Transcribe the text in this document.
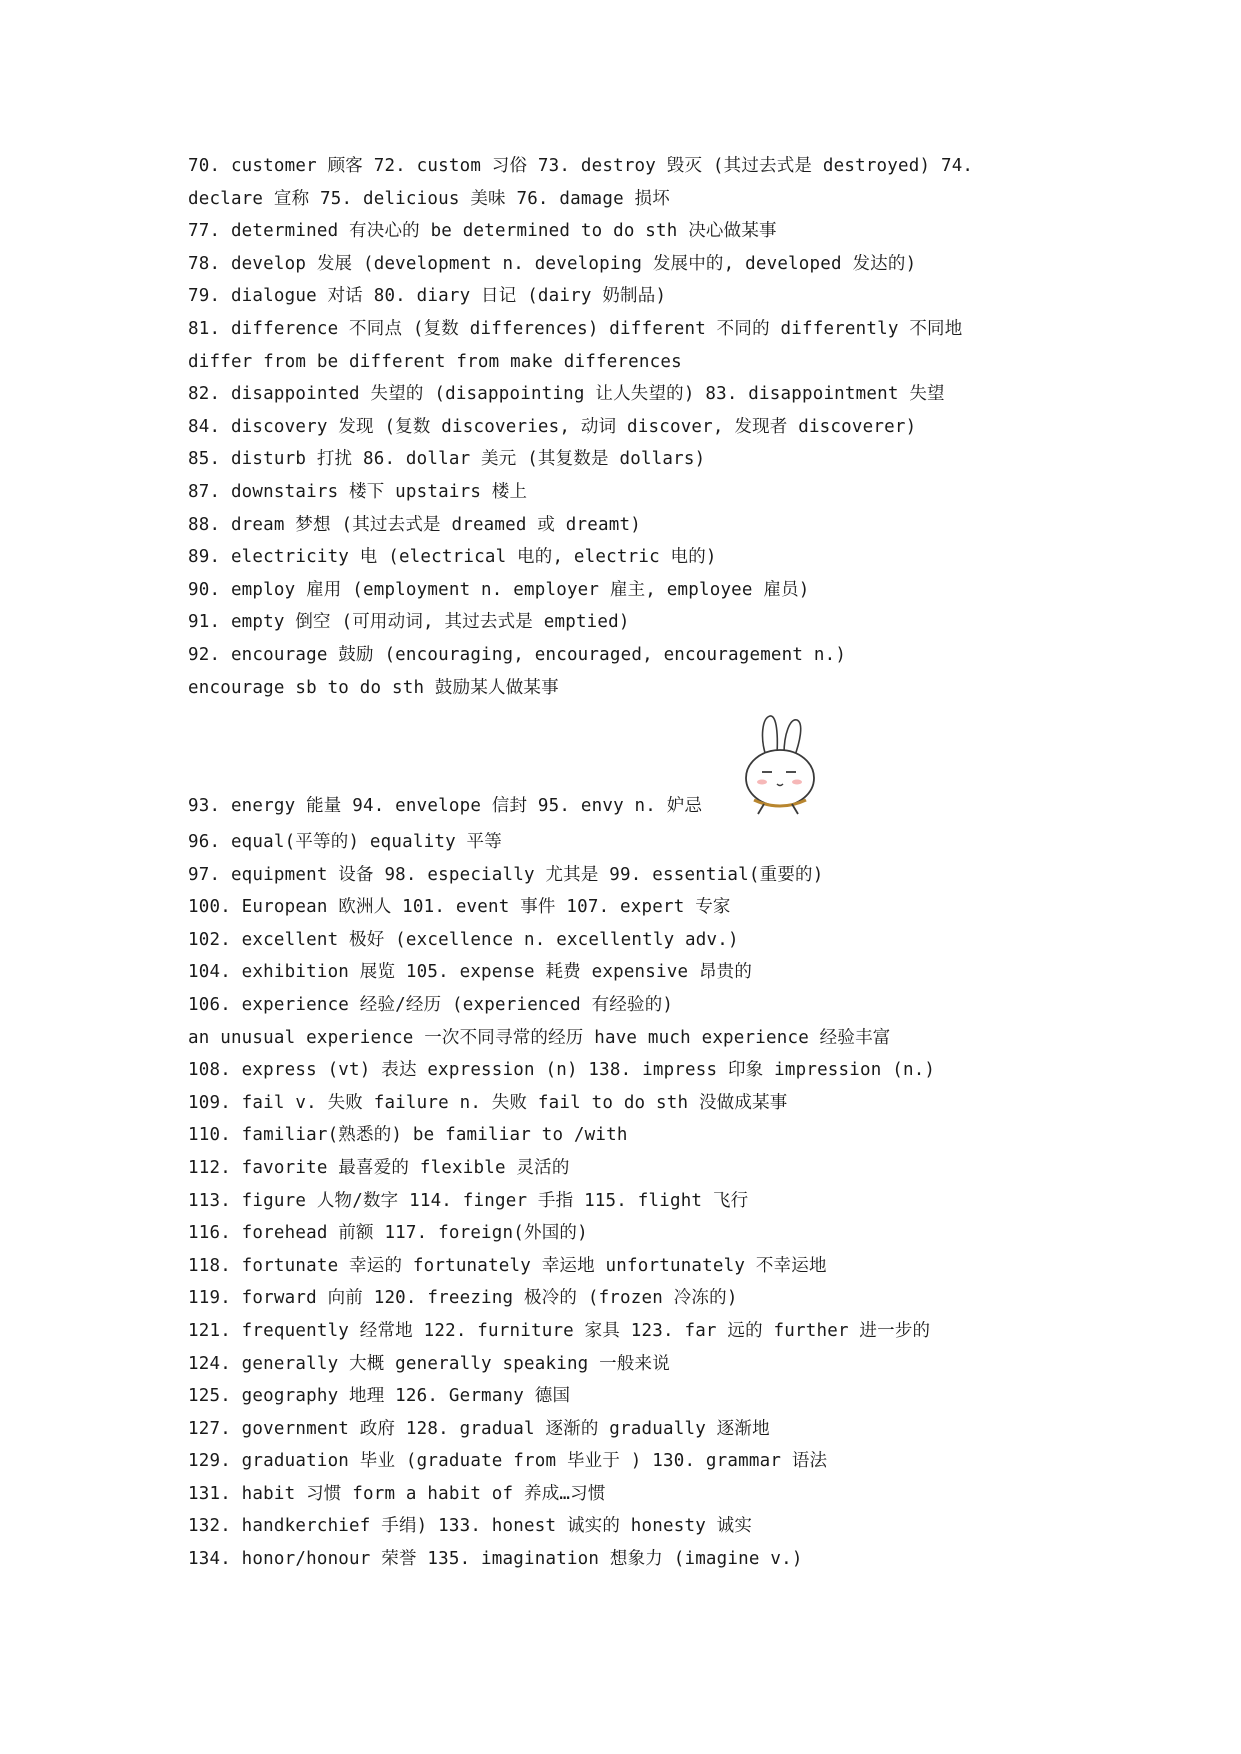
70. customer 顾客 72. custom 习俗 73. destroy 毁灭 (其过去式是 destroyed) 74.
declare 宣称 75. delicious 美味 76. damage 损坏
77. determined 有决心的 be determined to do sth 决心做某事
78. develop 发展 (development n. developing 发展中的, developed 发达的)
79. dialogue 对话 80. diary 日记 (dairy 奶制品)
81. difference 不同点 (复数 differences) different 不同的 differently 不同地
differ from be different from make differences
82. disappointed 失望的 (disappointing 让人失望的) 83. disappointment 失望
84. discovery 发现 (复数 discoveries, 动词 discover, 发现者 discoverer)
85. disturb 打扰 86. dollar 美元 (其复数是 dollars)
87. downstairs 楼下 upstairs 楼上
88. dream 梦想 (其过去式是 dreamed 或 dreamt)
89. electricity 电 (electrical 电的, electric 电的)
90. employ 雇用 (employment n. employer 雇主, employee 雇员)
91. empty 倒空 (可用动词, 其过去式是 emptied)
92. encourage 鼓励 (encouraging, encouraged, encouragement n.)
encourage sb to do sth 鼓励某人做某事
93. energy 能量 94. envelope 信封 95. envy n. 妒忌
96. equal(平等的) equality 平等
97. equipment 设备 98. especially 尤其是 99. essential(重要的)
100. European 欧洲人 101. event 事件 107. expert 专家
102. excellent 极好 (excellence n. excellently adv.)
104. exhibition 展览 105. expense 耗费 expensive 昂贵的
106. experience 经验/经历 (experienced 有经验的)
an unusual experience 一次不同寻常的经历 have much experience 经验丰富
108. express (vt) 表达 expression (n) 138. impress 印象 impression (n.)
109. fail v. 失败 failure n. 失败 fail to do sth 没做成某事
110. familiar(熟悉的) be familiar to /with
112. favorite 最喜爱的 flexible 灵活的
113. figure 人物/数字 114. finger 手指 115. flight 飞行
116. forehead 前额 117. foreign(外国的)
118. fortunate 幸运的 fortunately 幸运地 unfortunately 不幸运地
119. forward 向前 120. freezing 极冷的 (frozen 冷冻的)
121. frequently 经常地 122. furniture 家具 123. far 远的 further 进一步的
124. generally 大概 generally speaking 一般来说
125. geography 地理 126. Germany 德国
127. government 政府 128. gradual 逐渐的 gradually 逐渐地
129. graduation 毕业 (graduate from 毕业于 ) 130. grammar 语法
131. habit 习惯 form a habit of 养成…习惯
132. handkerchief 手绢) 133. honest 诚实的 honesty 诚实
134. honor/honour 荣誉 135. imagination 想象力 (imagine v.)
